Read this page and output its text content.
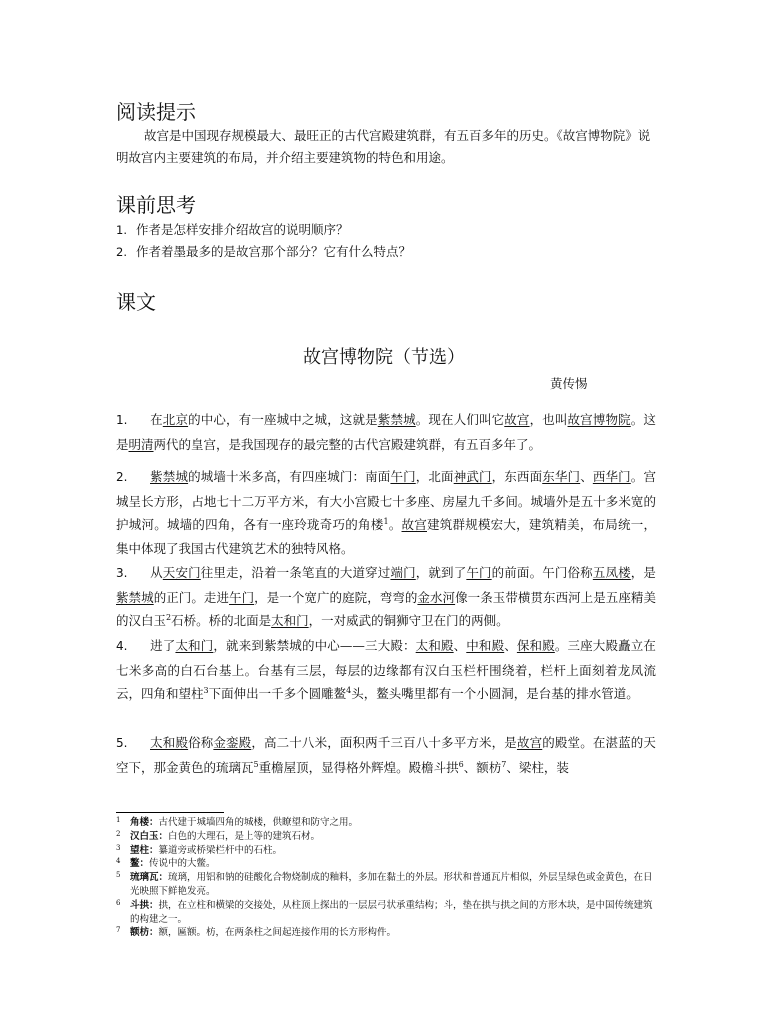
阅读提示

故宫是中国现存规模最大、最旺正的古代宫殿建筑群，有五百多年的历史。《故宫博物院》说明故宫内主要建筑的布局，并介绍主要建筑物的特色和用途。

课前思考
1. 作者是怎样安排介绍故宫的说明顺序？
2. 作者着墨最多的是故宫那个部分？它有什么特点？
课文
故宫博物院（节选）
黄传惕

1. 在北京的中心，有一座城中之城，这就是紫禁城。现在人们叫它故宫，也叫故宫博物院。这是明清两代的皇宫，是我国现存的最完整的古代宫殿建筑群，有五百多年了。

2. 紫禁城的城墙十米多高，有四座城门：南面午门，北面神武门，东西面东华门、西华门。宫城呈长方形，占地七十二万平方米，有大小宫殿七十多座、房屋九千多间。城墙外是五十多米宽的护城河。城墙的四角，各有一座玲珑奇巧的角楼$^1$。故宫建筑群规模宏大，建筑精美，布局统一，集中体现了我国古代建筑艺术的独特风格。

3. 从天安门往里走，沿着一条笔直的大道穿过端门，就到了午门的前面。午门俗称五凤楼，是紫禁城的正门。走进午门，是一个宽广的庭院，弯弯的金水河像一条玉带横贯东西河上是五座精美的汉白玉$^2$石桥。桥的北面是太和门，一对威武的铜狮守卫在门的两側。

4. 进了太和门，就来到紫禁城的中心——三大殿：太和殿、中和殿、保和殿。三座大殿矗立在七米多高的白石台基上。台基有三层，每层的边缘都有汉白玉栏杆围绕着，栏杆上面刻着龙凤流云，四角和望柱$^3$下面伸出一千多个圆雕鳌$^4$头，鳌头嘴里都有一个小圆洞，是台基的排水管道。

5. 太和殿俗称金銮殿，高二十八米，面积两千三百八十多平方米，是故宫的殿堂。在湛蓝的天空下，那金黄色的琉璃瓦$^5$重檐屋顶，显得格外辉煌。殿檐斗拱$^6$、额枋$^7$、梁柱，装

1 角楼：古代建于城墙四角的城楼，供瞭望和防守之用。

2 汉白玉：白色的大理石，是上等的建筑石材。

3 望柱：纂道旁或桥梁栏杆中的石柱。

4 鳌：传说中的大鳖。

5 琉璃瓦：琉璃，用铝和钠的硅酸化合物烧制成的釉料，多加在黏土的外层。形状和普通瓦片相似，外层呈绿色或金黄色，在日光映照下鲜艳发亮。

6 斗拱：拱，在立柱和横梁的交接处，从柱顶上探出的一层层弓状承重结构；斗，垫在拱与拱之间的方形木块，是中国传统建筑的构建之一。

7 额枋：额，匾额。枋，在两条柱之间起连接作用的长方形构件。
